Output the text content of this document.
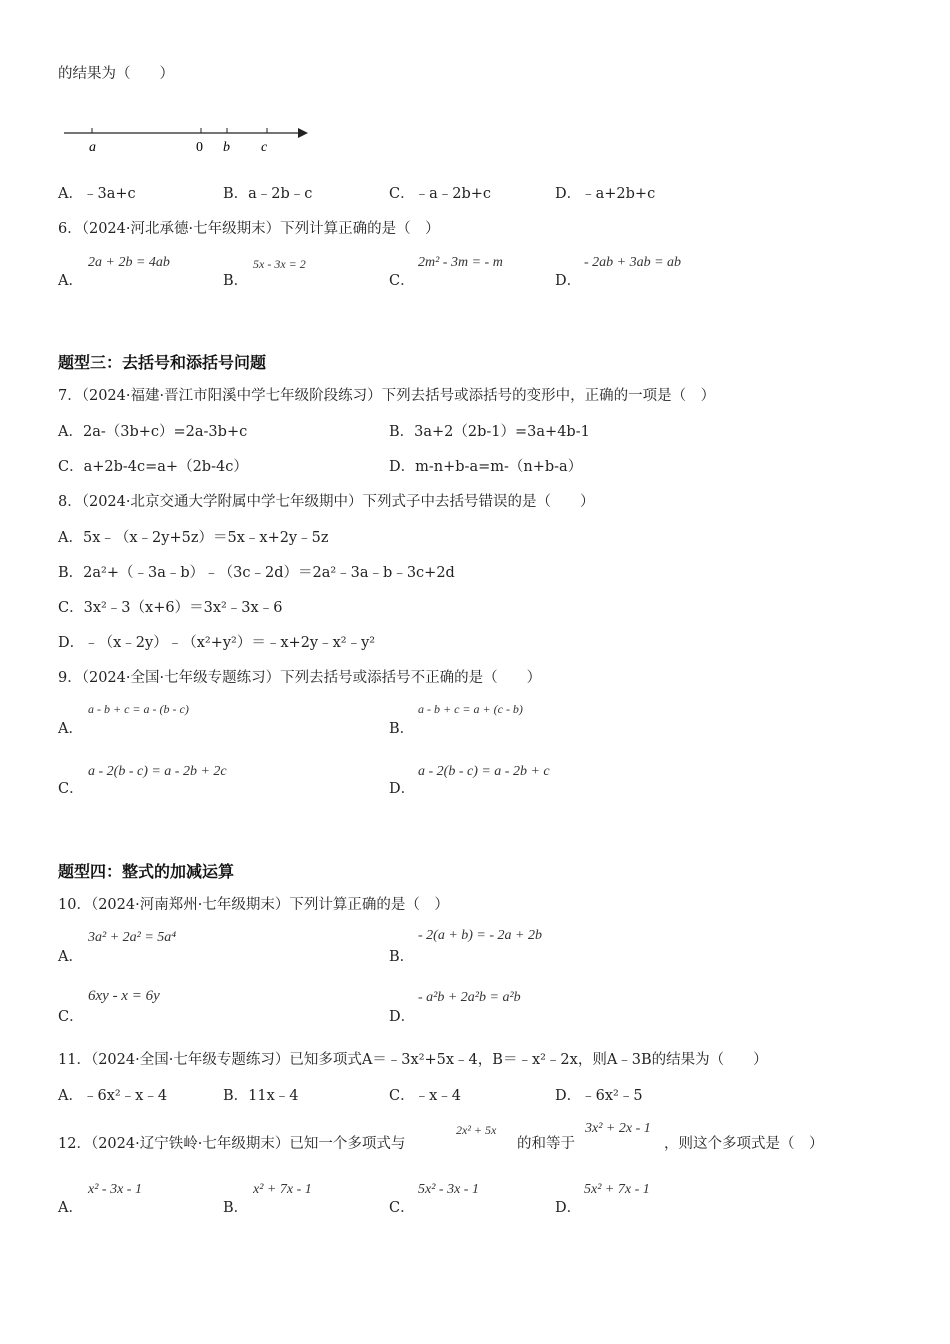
的结果为（　　）
a	0 b c
A．﹣3a+c	B．a﹣2b﹣c	C．﹣a﹣2b+c	D．﹣a+2b+c
6．（2024·河北承德·七年级期末）下列计算正确的是（　）
A．
2a + 2b = 4ab
B．
5x - 3x = 2
C．
2m² - 3m = - m
D．
- 2ab + 3ab = ab
题型三：去括号和添括号问题
7．（2024·福建·晋江市阳溪中学七年级阶段练习）下列去括号或添括号的变形中，正确的一项是（　）
A．2a-（3b+c）=2a-3b+c	B．3a+2（2b-1）=3a+4b-1
C．a+2b-4c=a+（2b-4c）	D．m-n+b-a=m-（n+b-a）
8．（2024·北京交通大学附属中学七年级期中）下列式子中去括号错误的是（　　）
A．5x﹣（x﹣2y+5z）＝5x﹣x+2y﹣5z
B．2a²+（﹣3a﹣b）﹣（3c﹣2d）＝2a²﹣3a﹣b﹣3c+2d
C．3x²﹣3（x+6）＝3x²﹣3x﹣6
D．﹣（x﹣2y）﹣（x²+y²）＝﹣x+2y﹣x²﹣y²
9．（2024·全国·七年级专题练习）下列去括号或添括号不正确的是（　　）
A．
a - b + c = a - (b - c)
B．
a - b + c = a + (c - b)
C．
a - 2(b - c) = a - 2b + 2c
D．
a - 2(b - c) = a - 2b + c
题型四：整式的加减运算
10．（2024·河南郑州·七年级期末）下列计算正确的是（　）
A．
3a² + 2a² = 5a⁴
B．
- 2(a + b) = - 2a + 2b
C．
6xy - x = 6y
D．
- a²b + 2a²b = a²b
11．（2024·全国·七年级专题练习）已知多项式A＝﹣3x²+5x﹣4，B＝﹣x²﹣2x，则A﹣3B的结果为（　　）
A．﹣6x²﹣x﹣4	B．11x﹣4	C．﹣x﹣4	D．﹣6x²﹣5
12．（2024·辽宁铁岭·七年级期末）已知一个多项式与
2x² + 5x
的和等于
3x² + 2x - 1
，则这个多项式是（　）
A．
x² - 3x - 1
B．
x² + 7x - 1
C．
5x² - 3x - 1
D．
5x² + 7x - 1
